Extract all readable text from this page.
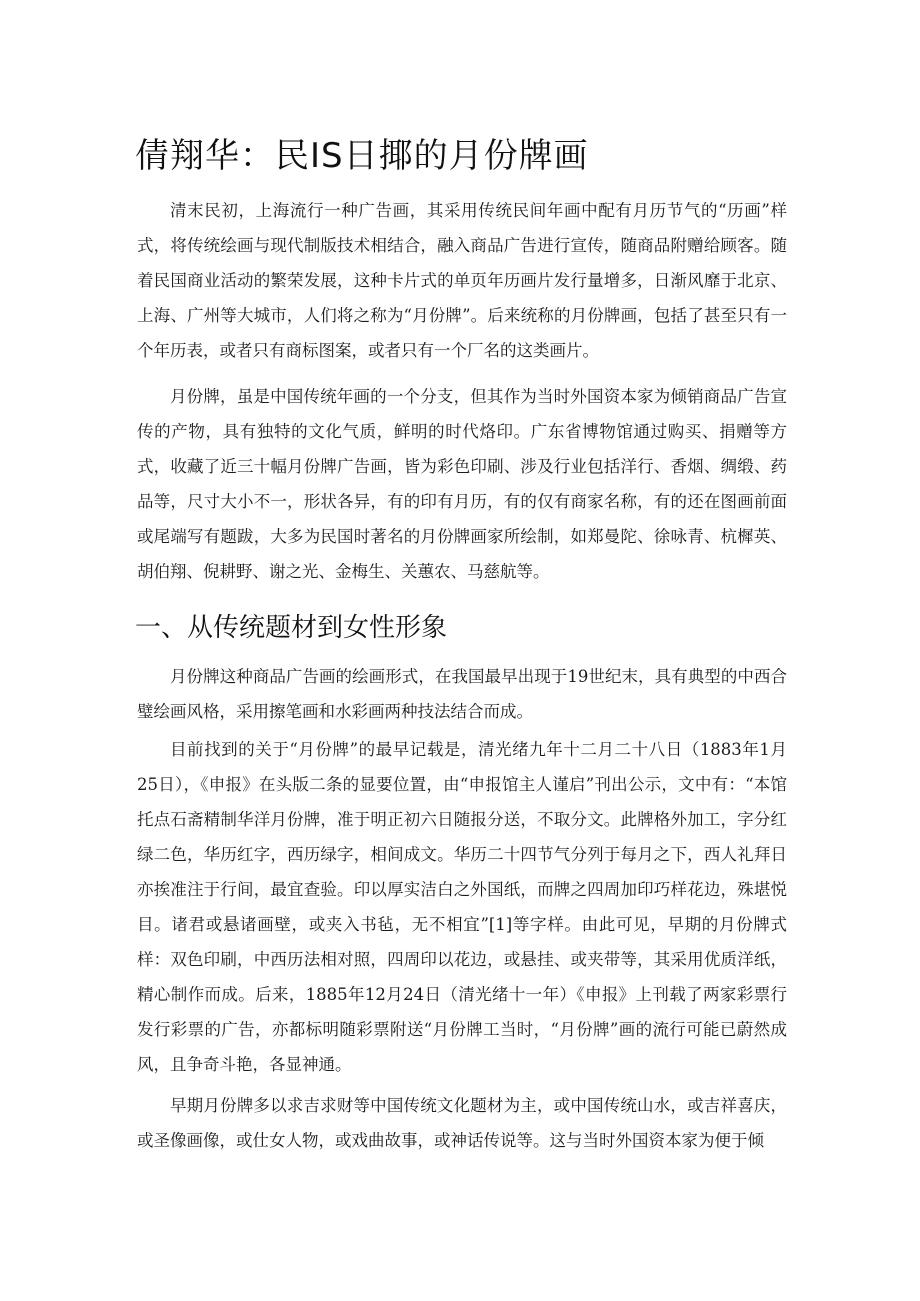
倩翔华：民IS日揶的月份牌画

清末民初，上海流行一种广告画，其采用传统民间年画中配有月历节气的“历画”样式，将传统绘画与现代制版技术相结合，融入商品广告进行宣传，随商品附赠给顾客。随着民国商业活动的繁荣发展，这种卡片式的单页年历画片发行量增多，日渐风靡于北京、上海、广州等大城市，人们将之称为“月份牌”。后来统称的月份牌画，包括了甚至只有一个年历表，或者只有商标图案，或者只有一个厂名的这类画片。

月份牌，虽是中国传统年画的一个分支，但其作为当时外国资本家为倾销商品广告宣传的产物，具有独特的文化气质，鲜明的时代烙印。广东省博物馆通过购买、捐赠等方式，收藏了近三十幅月份牌广告画，皆为彩色印刷、涉及行业包括洋行、香烟、绸缎、药品等，尺寸大小不一，形状各异，有的印有月历，有的仅有商家名称，有的还在图画前面或尾端写有题跋，大多为民国时著名的月份牌画家所绘制，如郑曼陀、徐咏青、杭樨英、胡伯翔、倪耕野、谢之光、金梅生、关蕙农、马慈航等。

一、从传统题材到女性形象

月份牌这种商品广告画的绘画形式，在我国最早出现于19世纪末，具有典型的中西合璧绘画风格，采用擦笔画和水彩画两种技法结合而成。

目前找到的关于“月份牌”的最早记载是，清光绪九年十二月二十八日（1883年1月25日），《申报》在头版二条的显要位置，由“申报馆主人谨启”刊出公示，文中有：“本馆托点石斋精制华洋月份牌，准于明正初六日随报分送，不取分文。此牌格外加工，字分红绿二色，华历红字，西历绿字，相间成文。华历二十四节气分列于每月之下，西人礼拜日亦挨准注于行间，最宜查验。印以厚实洁白之外国纸，而牌之四周加印巧样花边，殊堪悦目。诸君或悬诸画壁，或夹入书毡，无不相宜”[1]等字样。由此可见，早期的月份牌式样：双色印刷，中西历法相对照，四周印以花边，或悬挂、或夹带等，其采用优质洋纸，精心制作而成。后来，1885年12月24日（清光绪十一年）《申报》上刊载了两家彩票行发行彩票的广告，亦都标明随彩票附送“月份牌工当时，“月份牌”画的流行可能已蔚然成风，且争奇斗艳，各显神通。

早期月份牌多以求吉求财等中国传统文化题材为主，或中国传统山水，或吉祥喜庆，或圣像画像，或仕女人物，或戏曲故事，或神话传说等。这与当时外国资本家为便于倾
